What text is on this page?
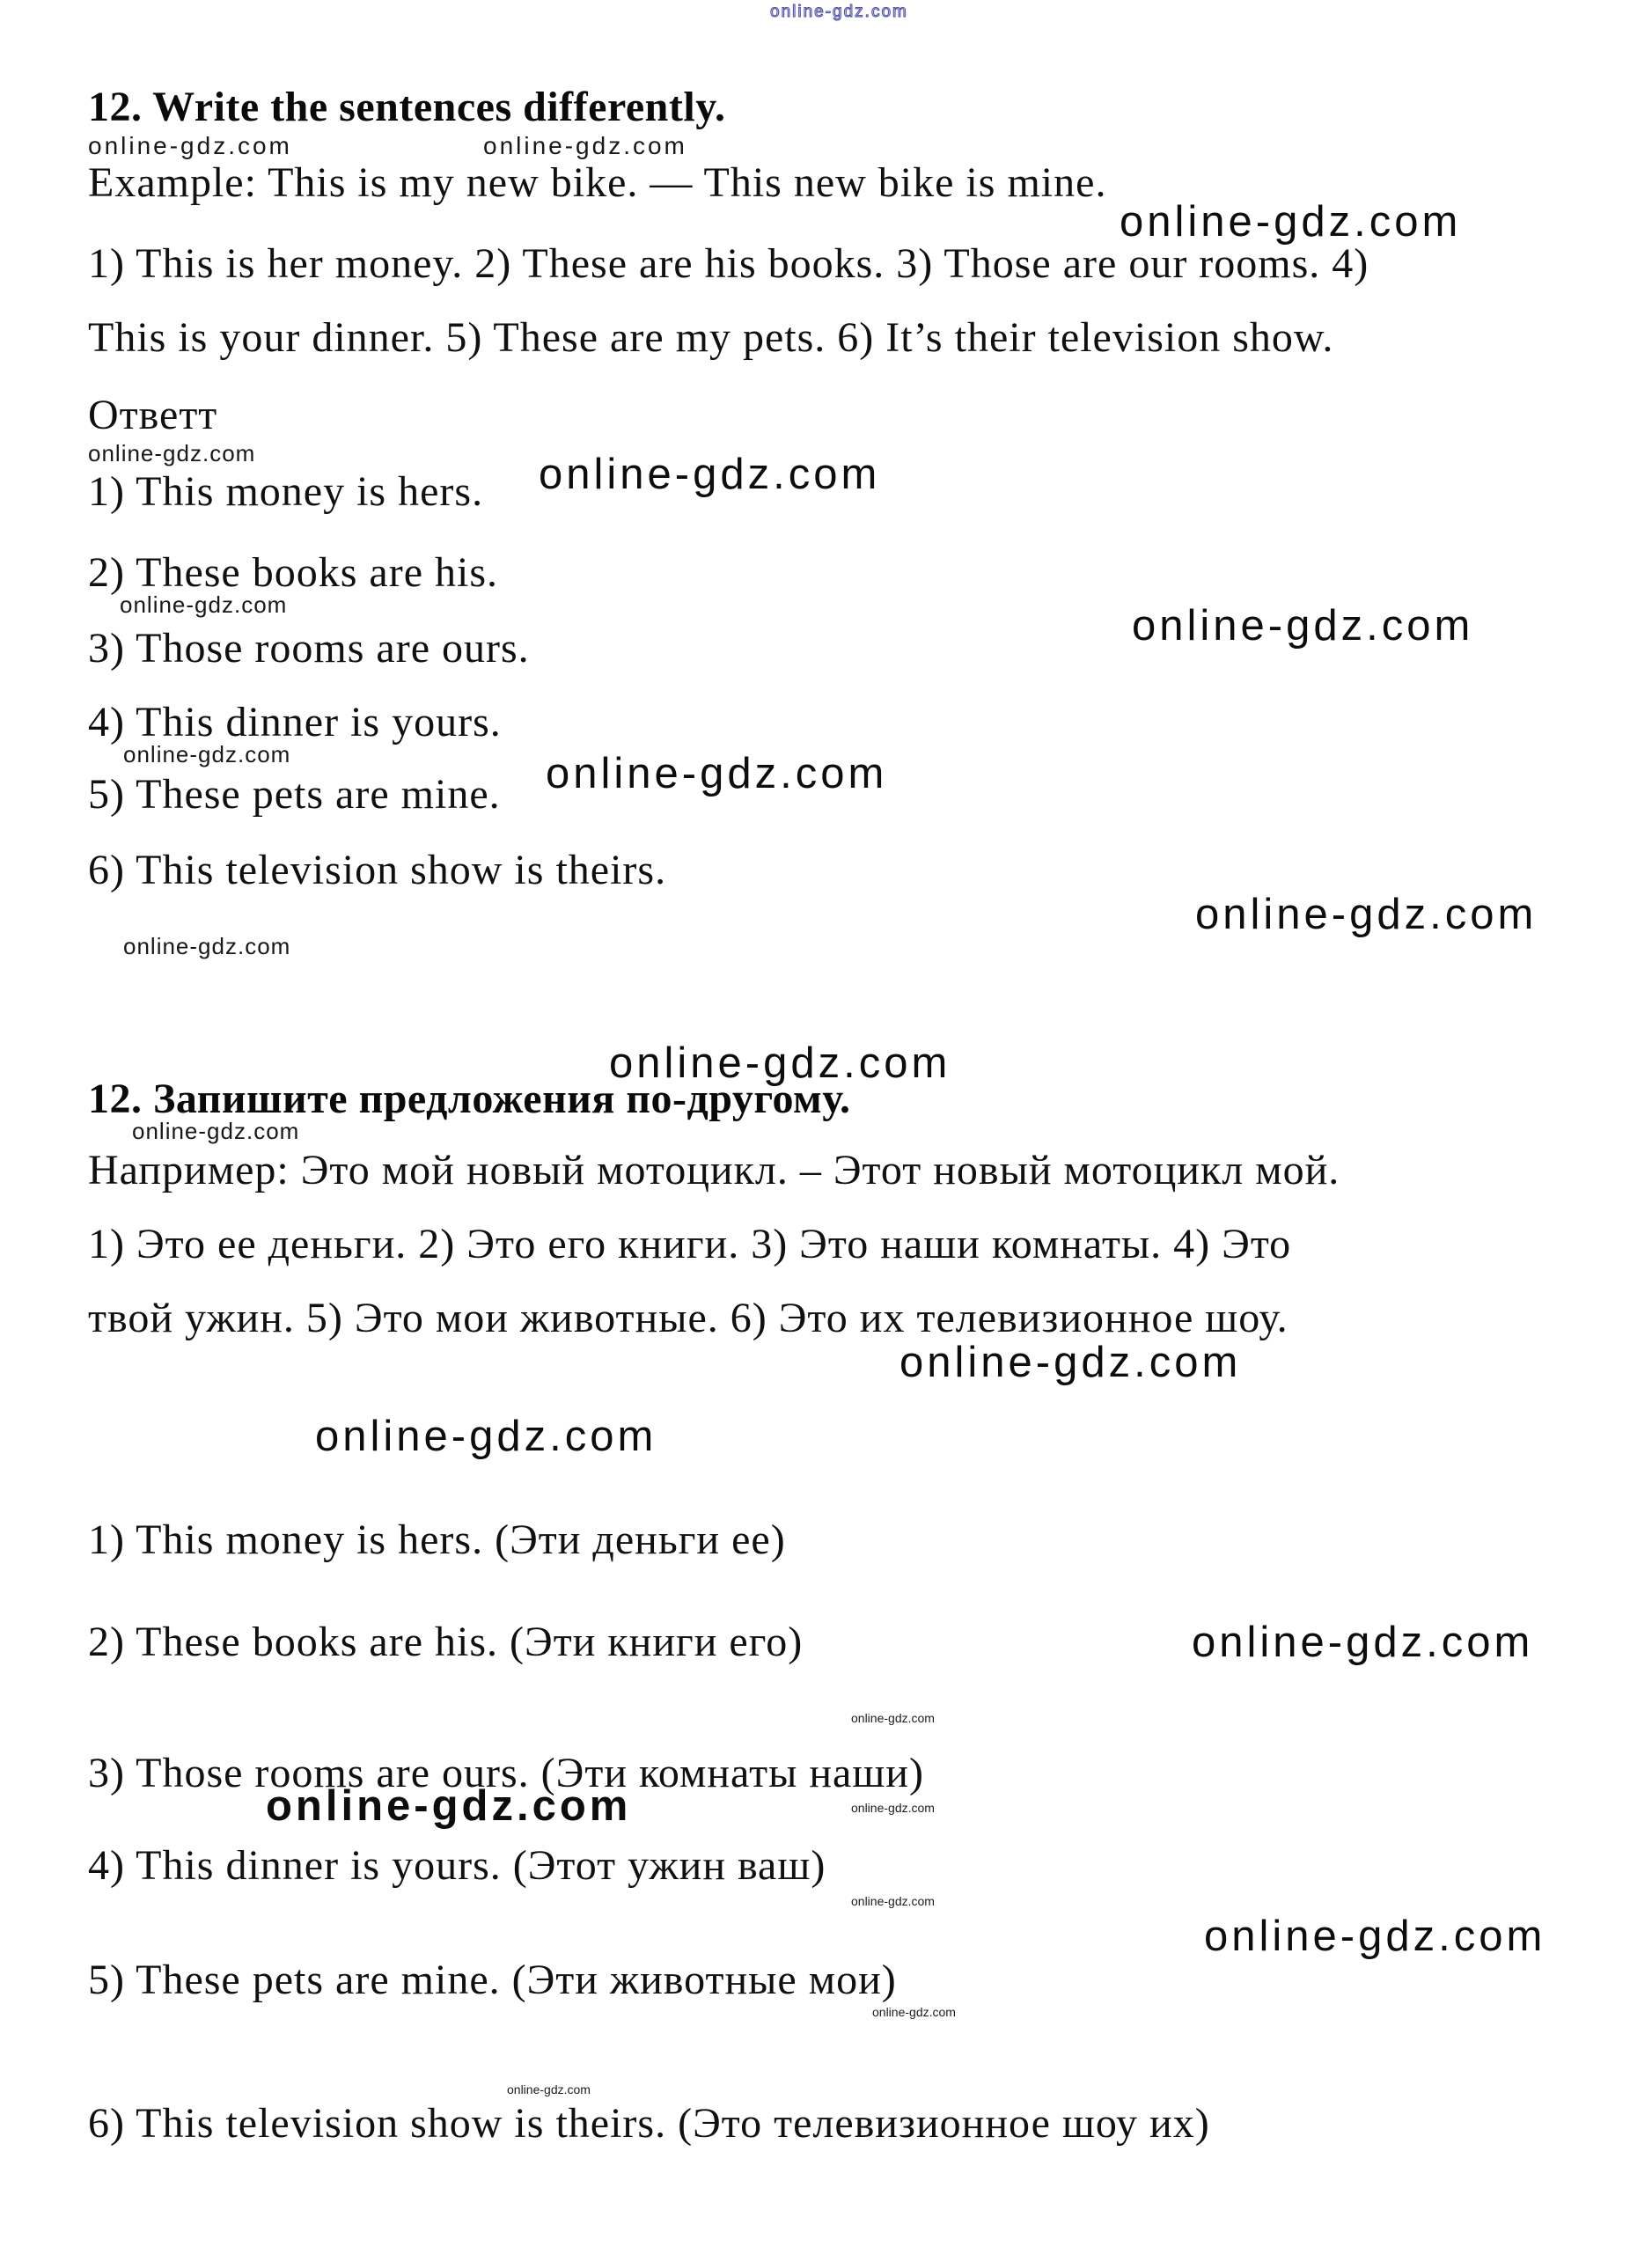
online-gdz.com
12. Write the sentences differently.
online-gdz.com	online-gdz.com
Example: This is my new bike. — This new bike is mine.
online-gdz.com
1) This is her money. 2) These are his books. 3) Those are our rooms. 4)
This is your dinner. 5) These are my pets. 6) It’s their television show.
Ответт
online-gdz.com
1) This money is hers. online-gdz.com
2) These books are his.
online-gdz.com
3) Those rooms are ours.	online-gdz.com
4) This dinner is yours.
online-gdz.com
5) These pets are mine. online-gdz.com
6) This television show is theirs.
online-gdz.com
online-gdz.com
online-gdz.com
12. Запишите предложения по-другому.
online-gdz.com
Например: Это мой новый мотоцикл. – Этот новый мотоцикл мой.
1) Это ее деньги. 2) Это его книги. 3) Это наши комнаты. 4) Это
твой ужин. 5) Это мои животные. 6) Это их телевизионное шоу.
online-gdz.com
online-gdz.com
1) This money is hers. (Эти деньги ее)
2) These books are his. (Эти книги его)	online-gdz.com
online-gdz.com
3) Those rooms are ours. (Эти комнаты наши)
online-gdz.com	online-gdz.com
4) This dinner is yours. (Этот ужин ваш)
online-gdz.com
online-gdz.com
5) These pets are mine. (Эти животные мои)
online-gdz.com
online-gdz.com
6) This television show is theirs. (Это телевизионное шоу их)
